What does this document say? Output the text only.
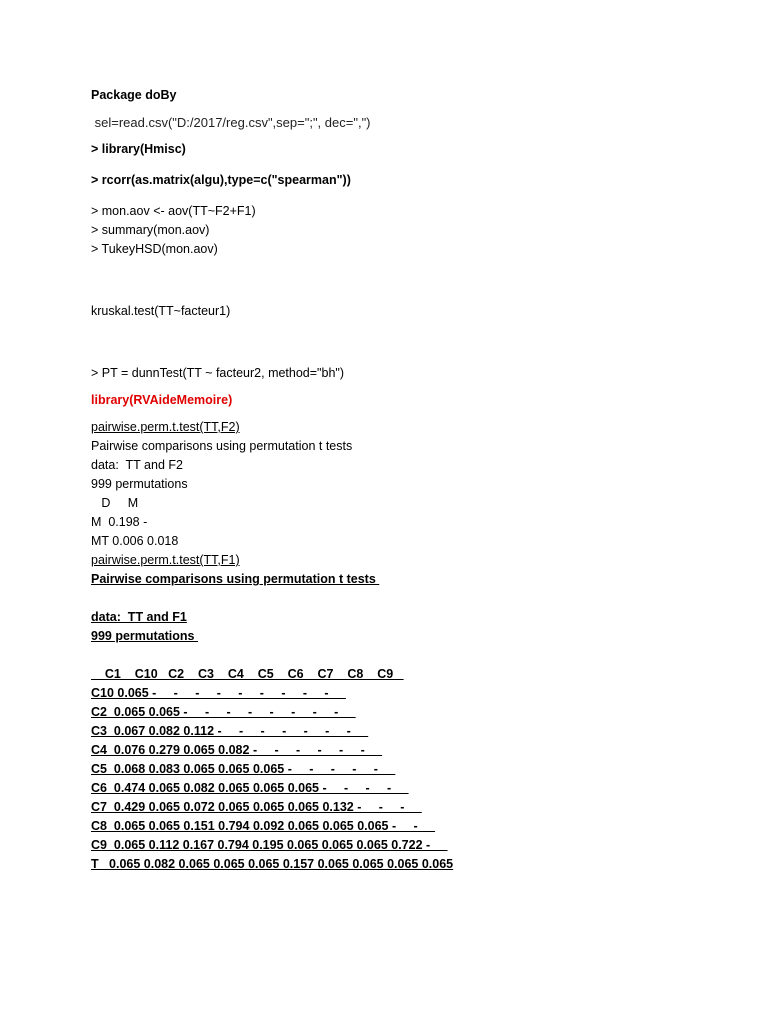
Package doBy
sel=read.csv("D:/2017/reg.csv",sep=";", dec=",")
> library(Hmisc)
> rcorr(as.matrix(algu),type=c("spearman"))
> mon.aov <- aov(TT~F2+F1)
> summary(mon.aov)
> TukeyHSD(mon.aov)
kruskal.test(TT~facteur1)
> PT = dunnTest(TT ~ facteur2, method="bh")
library(RVAideMemoire)
pairwise.perm.t.test(TT,F2)
Pairwise comparisons using permutation t tests
data:  TT and F2
999 permutations
D     M
M  0.198 -
MT 0.006 0.018
pairwise.perm.t.test(TT,F1)
Pairwise comparisons using permutation t tests
data:  TT and F1
999 permutations
C1    C10   C2    C3    C4    C5    C6    C7    C8    C9
C10 0.065 -     -     -     -     -     -     -     -     -
C2  0.065 0.065 -     -     -     -     -     -     -     -
C3  0.067 0.082 0.112 -     -     -     -     -     -     -
C4  0.076 0.279 0.065 0.082 -     -     -     -     -     -
C5  0.068 0.083 0.065 0.065 0.065 -     -     -     -     -
C6  0.474 0.065 0.082 0.065 0.065 0.065 -     -     -     -
C7  0.429 0.065 0.072 0.065 0.065 0.065 0.132 -     -     -
C8  0.065 0.065 0.151 0.794 0.092 0.065 0.065 0.065 -     -
C9  0.065 0.112 0.167 0.794 0.195 0.065 0.065 0.065 0.722 -
T   0.065 0.082 0.065 0.065 0.065 0.157 0.065 0.065 0.065 0.065
